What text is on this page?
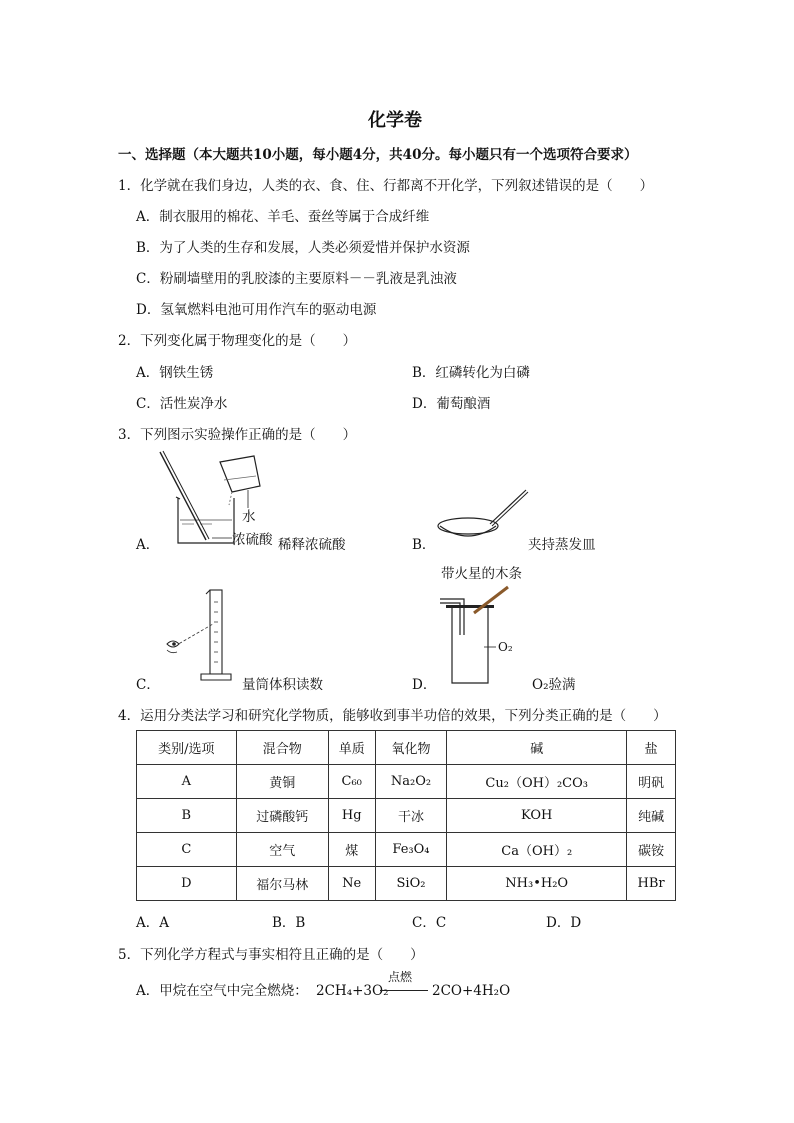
化学卷
一、选择题（本大题共10小题，每小题4分，共40分。每小题只有一个选项符合要求）
1．化学就在我们身边，人类的衣、食、住、行都离不开化学，下列叙述错误的是（　　）
A．制衣服用的棉花、羊毛、蚕丝等属于合成纤维
B．为了人类的生存和发展，人类必须爱惜并保护水资源
C．粉刷墙壁用的乳胶漆的主要原料－－乳液是乳浊液
D．氢氧燃料电池可用作汽车的驱动电源
2．下列变化属于物理变化的是（　　）
A．钢铁生锈	B．红磷转化为白磷
C．活性炭净水	D．葡萄酿酒
3．下列图示实验操作正确的是（　　）
水
A．	浓硫酸 稀释浓硫酸	B．	夹持蒸发皿
C．	量筒体积读数
带火星的木条
O₂
D．	O₂验满
4．运用分类法学习和研究化学物质，能够收到事半功倍的效果，下列分类正确的是（　　）
类别/选项	混合物	单质	氧化物	碱	盐
A	黄铜	C₆₀	Na₂O₂	Cu₂（OH）₂CO₃	明矾
B	过磷酸钙	Hg	干冰	KOH	纯碱
C	空气	煤	Fe₃O₄	Ca（OH）₂	碳铵
D	福尔马林	Ne	SiO₂	NH₃•H₂O	HBr
A．A	B．B	C．C	D．D
5．下列化学方程式与事实相符且正确的是（　　）
A．甲烷在空气中完全燃烧： 2CH₄+3O₂
点燃
2CO+4H₂O
